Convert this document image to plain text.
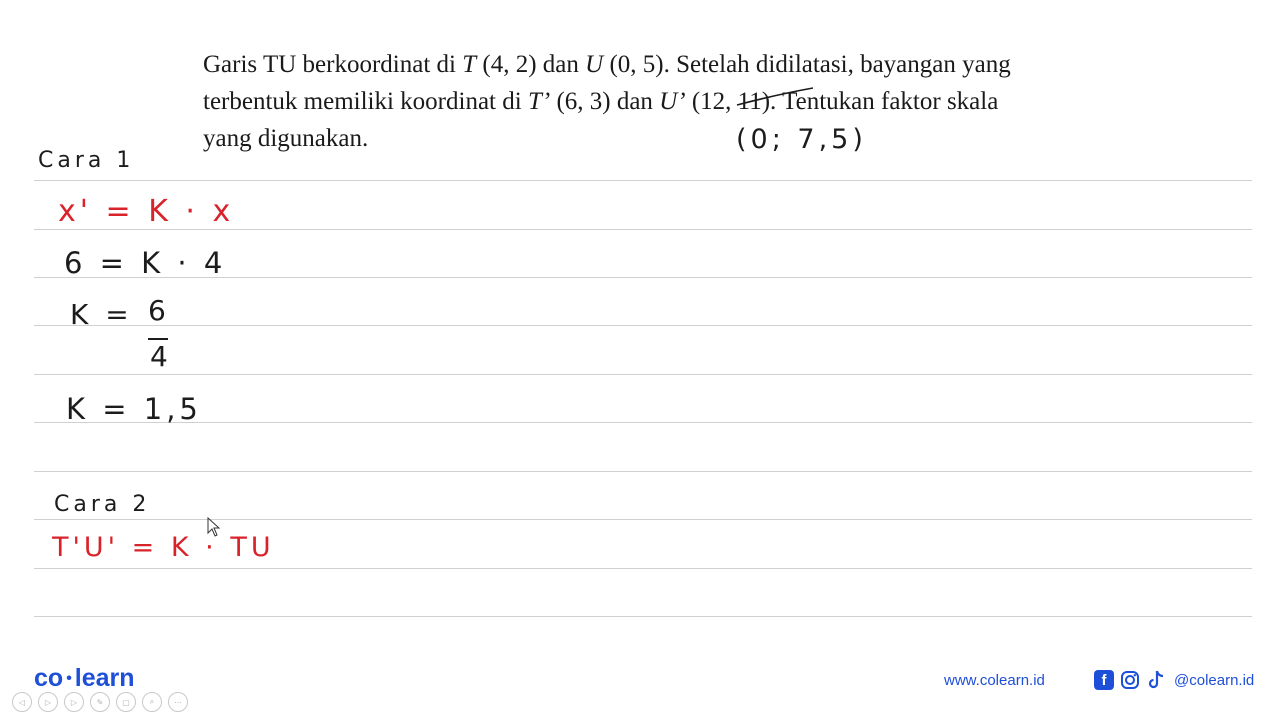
Garis TU berkoordinat di T (4, 2) dan U (0, 5). Setelah didilatasi, bayangan yang
terbentuk memiliki koordinat di T’ (6, 3) dan U’ (12, 11). Tentukan faktor skala
yang digunakan.	(0; 7,5)
Cara 1
x' = K · x
6 = K · 4
K = 6
4
K = 1,5
Cara 2
T'U' = K · TU
co • learn
◁	▷	▷	✎	▢	⌕	⋯
www.colearn.id	f	@colearn.id
